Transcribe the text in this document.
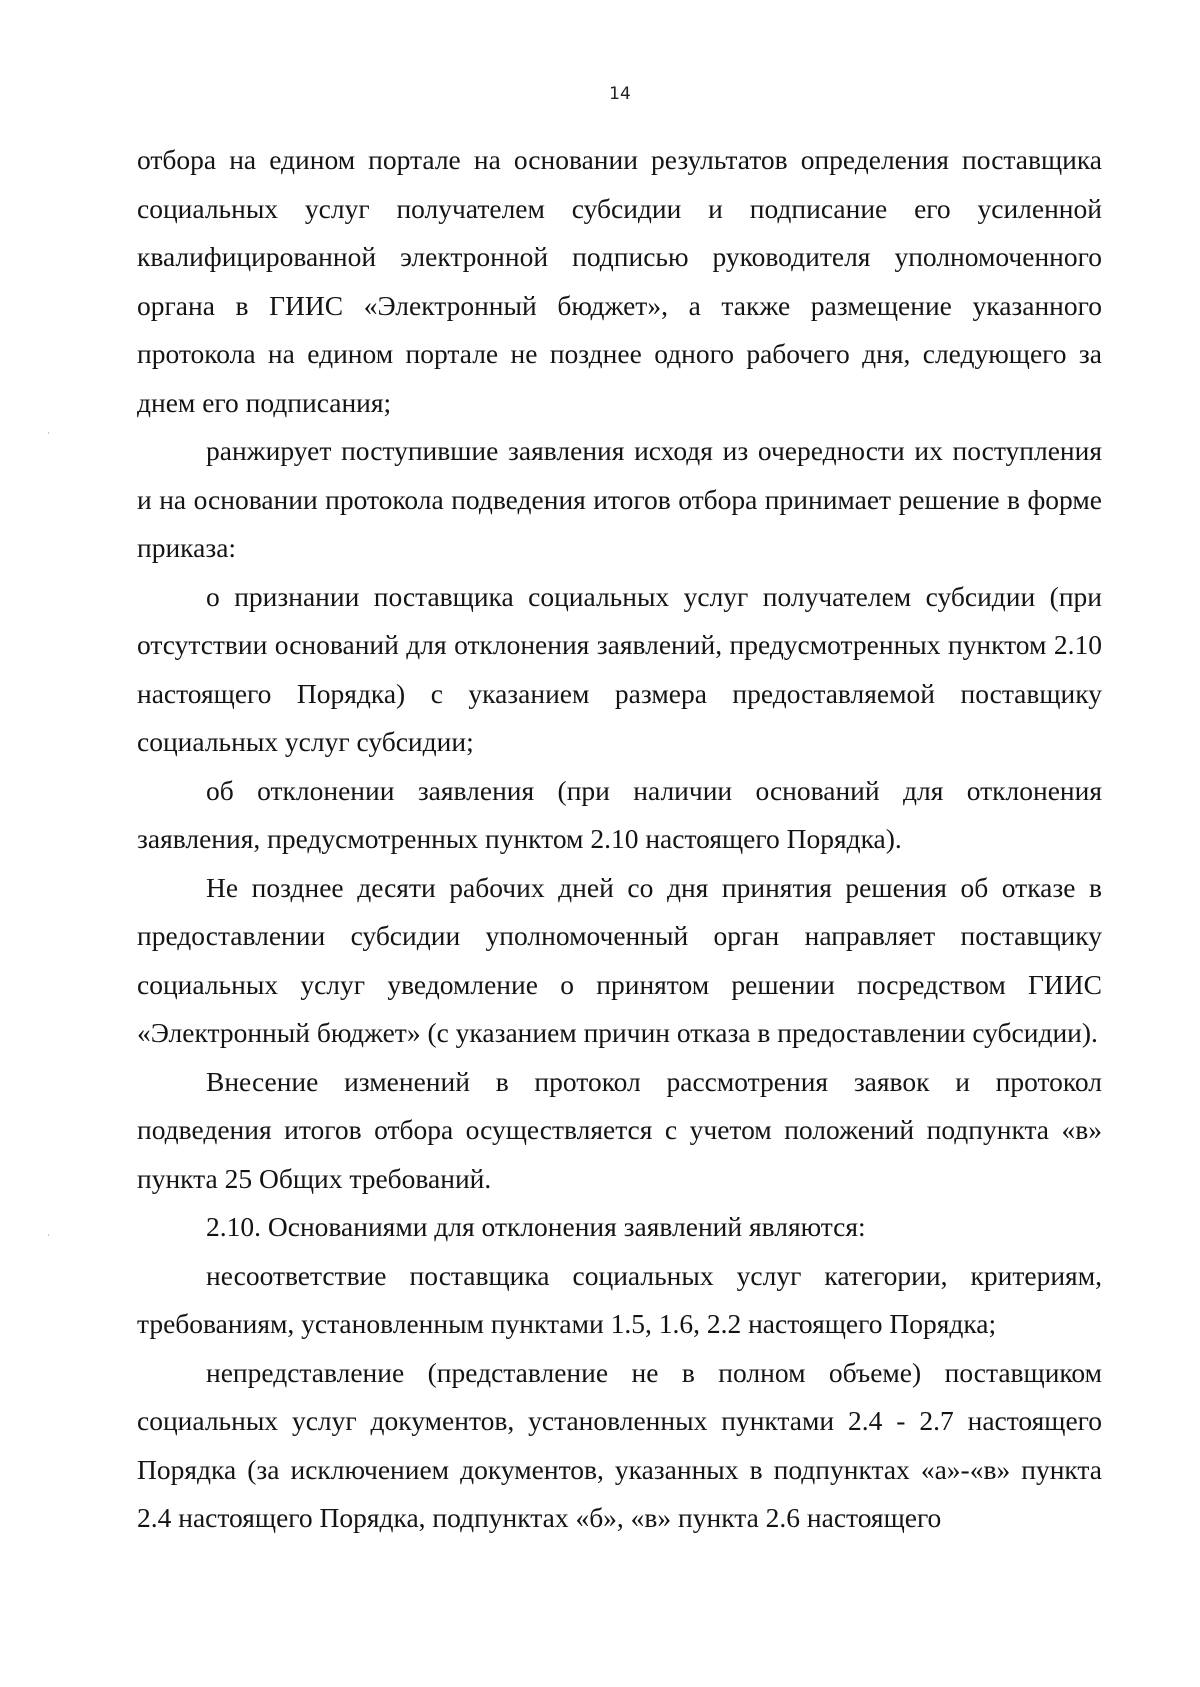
14

отбора на едином портале на основании результатов определения поставщика социальных услуг получателем субсидии и подписание его усиленной квалифицированной электронной подписью руководителя уполномоченного органа в ГИИС «Электронный бюджет», а также размещение указанного протокола на едином портале не позднее одного рабочего дня, следующего за днем его подписания;

ранжирует поступившие заявления исходя из очередности их поступления и на основании протокола подведения итогов отбора принимает решение в форме приказа:

о признании поставщика социальных услуг получателем субсидии (при отсутствии оснований для отклонения заявлений, предусмотренных пунктом 2.10 настоящего Порядка) с указанием размера предоставляемой поставщику социальных услуг субсидии;

об отклонении заявления (при наличии оснований для отклонения заявления, предусмотренных пунктом 2.10 настоящего Порядка).

Не позднее десяти рабочих дней со дня принятия решения об отказе в предоставлении субсидии уполномоченный орган направляет поставщику социальных услуг уведомление о принятом решении посредством ГИИС «Электронный бюджет» (с указанием причин отказа в предоставлении субсидии).

Внесение изменений в протокол рассмотрения заявок и протокол подведения итогов отбора осуществляется с учетом положений подпункта «в» пункта 25 Общих требований.

2.10. Основаниями для отклонения заявлений являются:

несоответствие поставщика социальных услуг категории, критериям, требованиям, установленным пунктами 1.5, 1.6, 2.2 настоящего Порядка;

непредставление (представление не в полном объеме) поставщиком социальных услуг документов, установленных пунктами 2.4 - 2.7 настоящего Порядка (за исключением документов, указанных в подпунктах «а»-«в» пункта 2.4 настоящего Порядка, подпунктах «б», «в» пункта 2.6 настоящего
